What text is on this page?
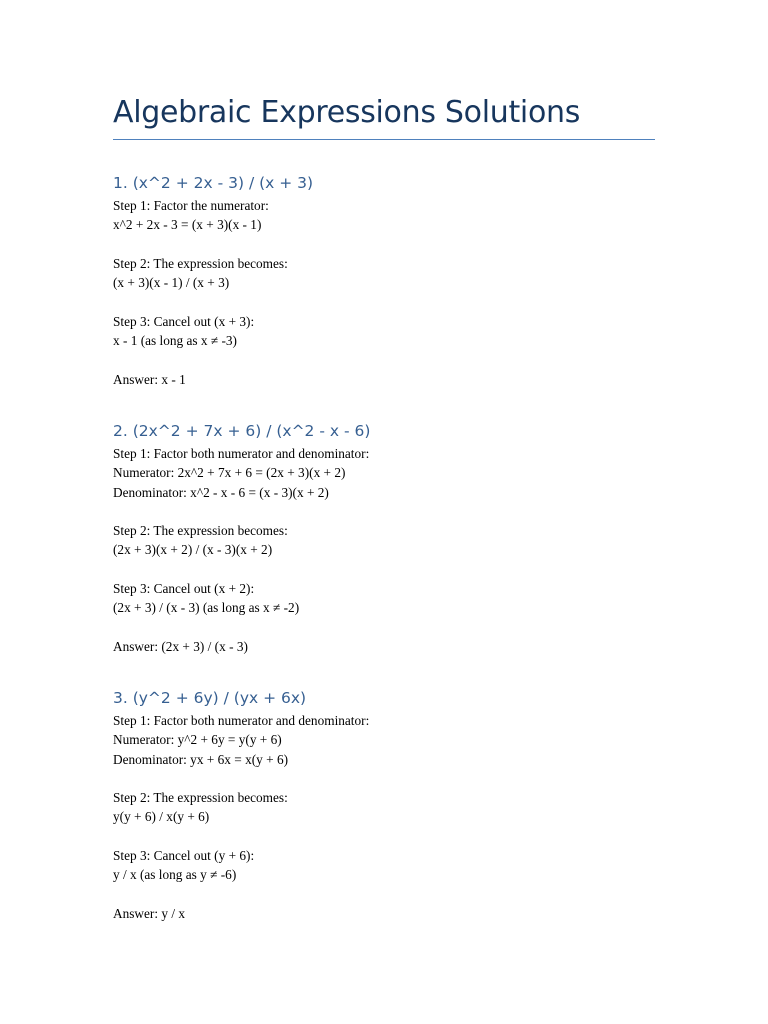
Algebraic Expressions Solutions
1. (x^2 + 2x - 3) / (x + 3)
Step 1: Factor the numerator:
x^2 + 2x - 3 = (x + 3)(x - 1)
Step 2: The expression becomes:
(x + 3)(x - 1) / (x + 3)
Step 3: Cancel out (x + 3):
x - 1 (as long as x ≠ -3)
Answer: x - 1
2. (2x^2 + 7x + 6) / (x^2 - x - 6)
Step 1: Factor both numerator and denominator:
Numerator: 2x^2 + 7x + 6 = (2x + 3)(x + 2)
Denominator: x^2 - x - 6 = (x - 3)(x + 2)
Step 2: The expression becomes:
(2x + 3)(x + 2) / (x - 3)(x + 2)
Step 3: Cancel out (x + 2):
(2x + 3) / (x - 3) (as long as x ≠ -2)
Answer: (2x + 3) / (x - 3)
3. (y^2 + 6y) / (yx + 6x)
Step 1: Factor both numerator and denominator:
Numerator: y^2 + 6y = y(y + 6)
Denominator: yx + 6x = x(y + 6)
Step 2: The expression becomes:
y(y + 6) / x(y + 6)
Step 3: Cancel out (y + 6):
y / x (as long as y ≠ -6)
Answer: y / x
